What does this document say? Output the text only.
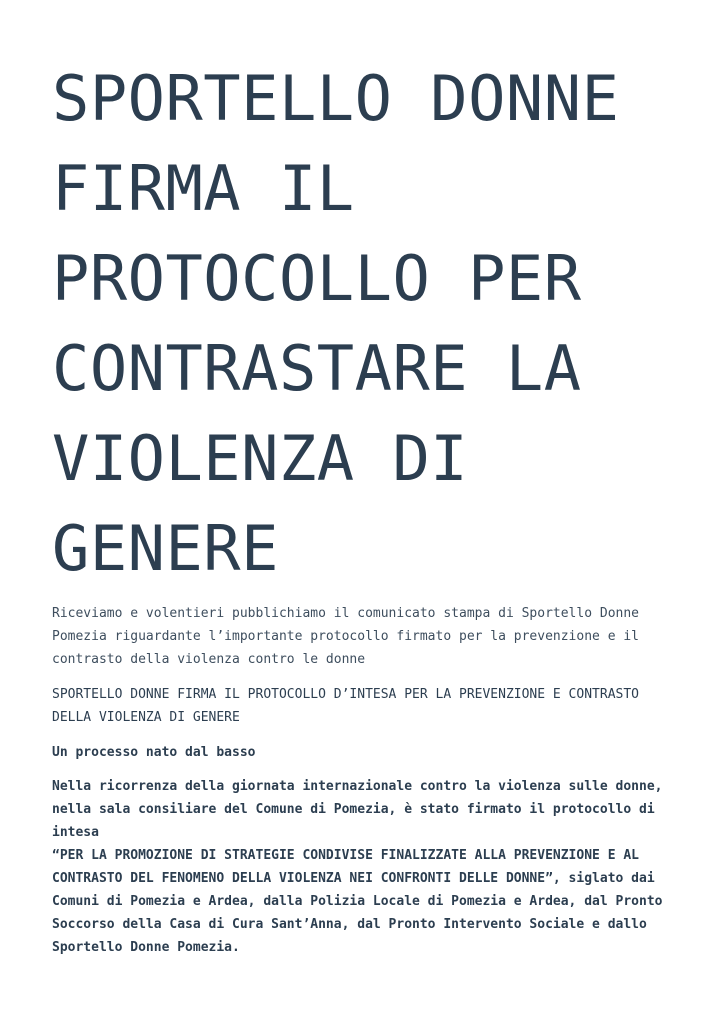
SPORTELLO DONNE
FIRMA IL
PROTOCOLLO PER
CONTRASTARE LA
VIOLENZA DI
GENERE

Riceviamo e volentieri pubblichiamo il comunicato stampa di Sportello Donne
Pomezia riguardante l’importante protocollo firmato per la prevenzione e il
contrasto della violenza contro le donne

SPORTELLO DONNE FIRMA IL PROTOCOLLO D’INTESA PER LA PREVENZIONE E CONTRASTO
DELLA VIOLENZA DI GENERE

Un processo nato dal basso

Nella ricorrenza della giornata internazionale contro la violenza sulle donne,
nella sala consiliare del Comune di Pomezia, è stato firmato il protocollo di
intesa
“PER LA PROMOZIONE DI STRATEGIE CONDIVISE FINALIZZATE ALLA PREVENZIONE E AL
CONTRASTO DEL FENOMENO DELLA VIOLENZA NEI CONFRONTI DELLE DONNE”, siglato dai
Comuni di Pomezia e Ardea, dalla Polizia Locale di Pomezia e Ardea, dal Pronto
Soccorso della Casa di Cura Sant’Anna, dal Pronto Intervento Sociale e dallo
Sportello Donne Pomezia.
